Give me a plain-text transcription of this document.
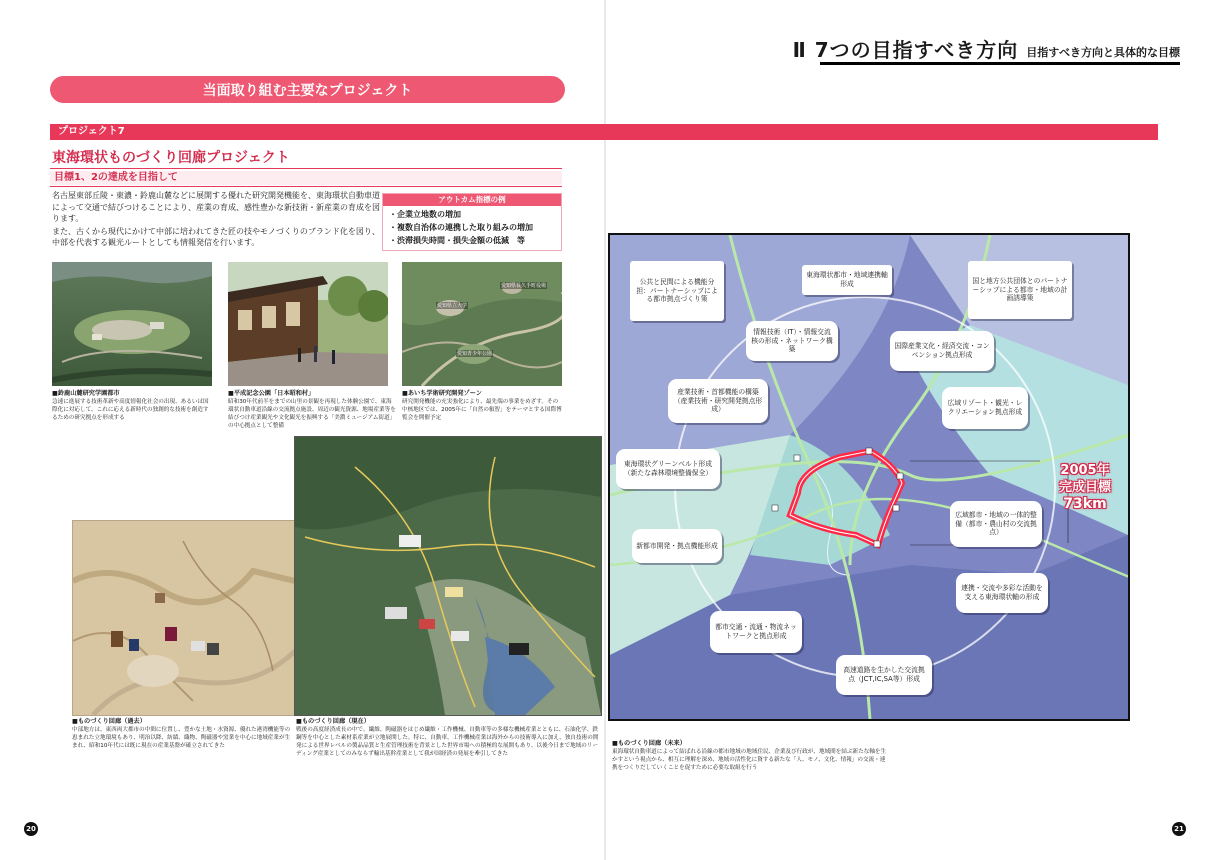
Ⅱ 7つの目指すべき方向 目指すべき方向と具体的な目標
当面取り組む主要なプロジェクト
プロジェクト7
東海環状ものづくり回廊プロジェクト
目標1、2の達成を目指して

名古屋東部丘陵・東濃・鈴鹿山麓などに展開する優れた研究開発機能を、東海環状自動車道によって交通で結びつけることにより、産業の育成、感性豊かな新技術・新産業の育成を図ります。

また、古くから現代にかけて中部に培われてきた匠の技やモノづくりのブランド化を図り、中部を代表する観光ルートとしても情報発信を行います。

アウトカム指標の例
・企業立地数の増加
・複数自治体の連携した取り組みの増加
・渋滞損失時間・損失金額の低減　等
■鈴鹿山麓研究学園都市
急速に進展する技術革新や高度情報化社会の出現、あるいは国際化に対応して、これに応える新時代の独創的な技術を創造するための研究拠点を形成する
■平成記念公園「日本昭和村」
昭和30年代前半をまでの山里の景観を再現した体験公園で、東海環状自動車道沿線の交流拠点施設、周辺の観光資源、地場産業等を結びつけ産業観光や文化観光を振興する「美濃ミュージアム街道」の中心拠点として整備
愛知県立大学
愛知青少年公園
愛知県長久手町役場
■あいち学術研究開発ゾーン
研究開発機能の充実強化により、最先端の事業をめざす。その中核地区では、2005年に「自然の叡智」をテーマとする国際博覧会を開催予定
■ものづくり回廊（過去）
中部地方は、東西両大都市の中間に位置し、豊かな土地・水資源、優れた港湾機能等の恵まれた立地環境もあり、明治以降、紡績、織物、陶磁器や窯業を中心に地域産業が生まれ、昭和10年代には既に現在の産業基盤が確立されてきた
■ものづくり回廊（現在）
戦後の高度経済成長の中で、繊維、陶磁器をはじめ繊維・工作機械、自動車等の多様な機械産業とともに、石油化学、鉄鋼等を中心とした素材系産業が立地展開した。特に、自動車、工作機械産業は海外からの技術導入に加え、独自技術の開発による世界レベルの製品品質と生産管理技術を背景とした世界市場への積極的な展開もあり、以後今日まで地域のリーディング産業としてのみならず輸出基幹産業として我が国経済の発展を牽引してきた
公共と民間による機能分担：パートナーシップによる都市拠点づくり策
東海環状都市・地域連携軸形成	国と地方公共団体とのパートナーシップによる都市・地域の計画誘導策
情報技術（IT）・情報交流核の形成・ネットワーク構築	国際産業文化・経済交流・コンベンション拠点形成
産業技術・首都機能の構築（産業技術・研究開発拠点形成）
広域リゾート・観光・レクリエーション拠点形成
東海環状グリーンベルト形成（新たな森林環境整備保全）
広域都市・地域の一体的整備（都市・農山村の交流拠点）
新都市開発・拠点機能形成
連携・交流や多彩な活動を支える東海環状軸の形成
都市交通・流通・物流ネットワークと拠点形成
高速道路を生かした交流拠点（JCT,IC,SA等）形成
2005年
完成目標
73km
■ものづくり回廊（未来）
東海環状自動車道によって結ばれる沿線の都市地域の地域住民、企業及び行政が、地域間を結ぶ新たな軸を生かすという視点から、相互に理解を深め、地域の活性化に資する新たな「人、モノ、文化、情報」の交流・連携をつくりだしていくことを促すために必要な取組を行う
20	21
